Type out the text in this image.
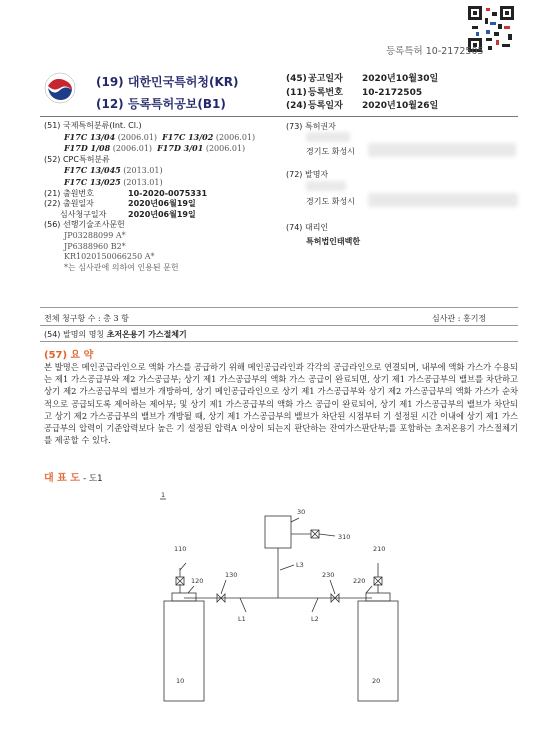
등록특허 10-2172505
(19) 대한민국특허청(KR)
(12) 등록특허공보(B1)
(45)공고일자 2020년10월30일
(11)등록번호 10-2172505
(24)등록일자 2020년10월26일
(51) 국제특허분류(Int. Cl.)
F17C 13/04 (2006.01) F17C 13/02 (2006.01)
F17D 1/08 (2006.01) F17D 3/01 (2006.01)
(52) CPC특허분류
F17C 13/045 (2013.01)
F17C 13/025 (2013.01)
(21) 출원번호	10-2020-0075331
(22) 출원일자	2020년06월19일
심사청구일자	2020년06월19일
(56) 선행기술조사문헌
JP03288099 A*
JP6388960 B2*
KR1020150066250 A*
*는 심사관에 의하여 인용된 문헌
(73) 특허권자
경기도 화성시
(72) 발명자
경기도 화성시
(74) 대리인
특허법인태백한
전체 청구항 수 : 총 3 항	심사관 : 홍기정
(54) 발명의 명칭 초저온용기 가스절체기
(57) 요 약
본 발명은 메인공급라인으로 액화 가스를 공급하기 위해 메인공급라인과 각각의 공급라인으로 연결되며, 내부에 액화 가스가 수용되는 제1 가스공급부와 제2 가스공급부; 상기 제1 가스공급부의 액화 가스 공급이 완료되면, 상기 제1 가스공급부의 밸브를 차단하고 상기 제2 가스공급부의 밸브가 개방하여, 상기 메인공급라인으로 상기 제1 가스공급부와 상기 제2 가스공급부의 액화 가스가 순차적으로 공급되도록 제어하는 제어부; 및 상기 제1 가스공급부의 액화 가스 공급이 완료되어, 상기 제1 가스공급부의 밸브가 차단되고 상기 제2 가스공급부의 밸브가 개방될 때, 상기 제1 가스공급부의 밸브가 차단된 시점부터 기 설정된 시간 이내에 상기 제1 가스공급부의 압력이 기준압력보다 높은 기 설정된 압력A 이상이 되는지 판단하는 잔여가스판단부;를 포함하는 초저온용기 가스절체기를 제공할 수 있다.
대 표 도 - 도1
1
30
310
L3
110
120
130
210
220
230
L1	L2
10	20
